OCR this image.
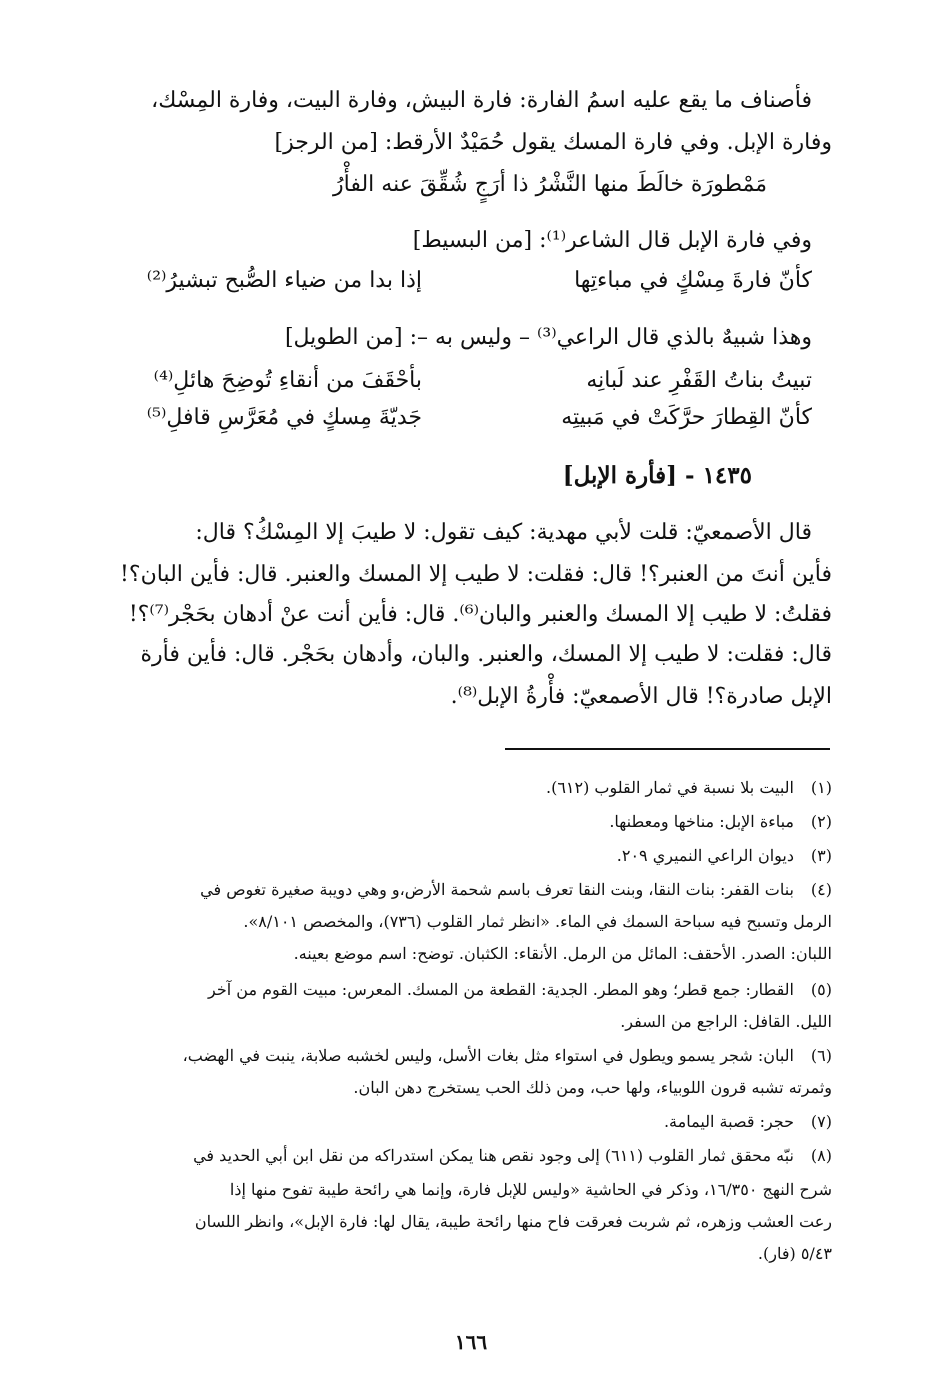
فأصناف ما يقع عليه اسمُ الفارة: فارة البيش، وفارة البيت، وفارة المِسْك،
وفارة الإبل. وفي فارة المسك يقول حُمَيْدٌ الأرقط: [من الرجز]
مَمْطورَة خالَطَ منها النَّشْرُ ذا أرَجٍ شُقِّقَ عنه الفأْرُ
وفي فارة الإبل قال الشاعر⁽¹⁾: [من البسيط]
كأنّ فارةَ مِسْكٍ في مباءتِها
إذا بدا من ضياء الصُّبح تبشيرُ⁽²⁾
وهذا شبيهٌ بالذي قال الراعي⁽³⁾ – وليس به –: [من الطويل]
تبيتُ بناتُ القَفْرِ عند لَبانِه
بأحْقَفَ من أنقاءِ تُوضِحَ هائلِ⁽⁴⁾
كأنّ القِطارَ حرَّكَتْ في مَبيتِه
جَديّةَ مِسكٍ في مُعَرَّسِ قافلِ⁽⁵⁾
١٤٣٥ - [فأرة الإبل]
قال الأصمعيّ: قلت لأبي مهدية: كيف تقول: لا طيبَ إلا المِسْكُ؟ قال:
فأين أنتَ من العنبر؟! قال: فقلت: لا طيب إلا المسك والعنبر. قال: فأين البان؟!
فقلتُ: لا طيب إلا المسك والعنبر والبان⁽⁶⁾. قال: فأين أنت عنْ أدهان بحَجْر⁽⁷⁾؟!
قال: فقلت: لا طيب إلا المسك، والعنبر. والبان، وأدهان بحَجْر. قال: فأين فأرة
الإبل صادرة؟! قال الأصمعيّ: فأْرةُ الإبل⁽⁸⁾.
(١)
البيت بلا نسبة في ثمار القلوب (٦١٢).
(٢)
مباءة الإبل: مناخها ومعطنها.
(٣)
ديوان الراعي النميري ٢٠٩.
(٤)
بنات القفر: بنات النقا، وبنت النقا تعرف باسم شحمة الأرض،و وهي دويبة صغيرة تغوص في
الرمل وتسبح فيه سباحة السمك في الماء. «انظر ثمار القلوب (٧٣٦)، والمخصص ٨/١٠١».
اللبان: الصدر. الأحقف: المائل من الرمل. الأنقاء: الكثبان. توضح: اسم موضع بعينه.
(٥)
القطار: جمع قطر؛ وهو المطر. الجدية: القطعة من المسك. المعرس: مبيت القوم من آخر
الليل. القافل: الراجع من السفر.
(٦)
البان: شجر يسمو ويطول في استواء مثل بغات الأسل، وليس لخشبه صلابة، ينبت في الهضب،
وثمرته تشبه قرون اللوبياء، ولها حب، ومن ذلك الحب يستخرج دهن البان.
(٧)
حجر: قصبة اليمامة.
(٨)
نبّه محقق ثمار القلوب (٦١١) إلى وجود نقص هنا يمكن استدراكه من نقل ابن أبي الحديد في
شرح النهج ١٦/٣٥٠، وذكر في الحاشية «وليس للإبل فارة، وإنما هي رائحة طيبة تفوح منها إذا
رعت العشب وزهره، ثم شربت فعرقت فاح منها رائحة طيبة، يقال لها: فارة الإبل»، وانظر اللسان
٥/٤٣ (فار).
١٦٦
